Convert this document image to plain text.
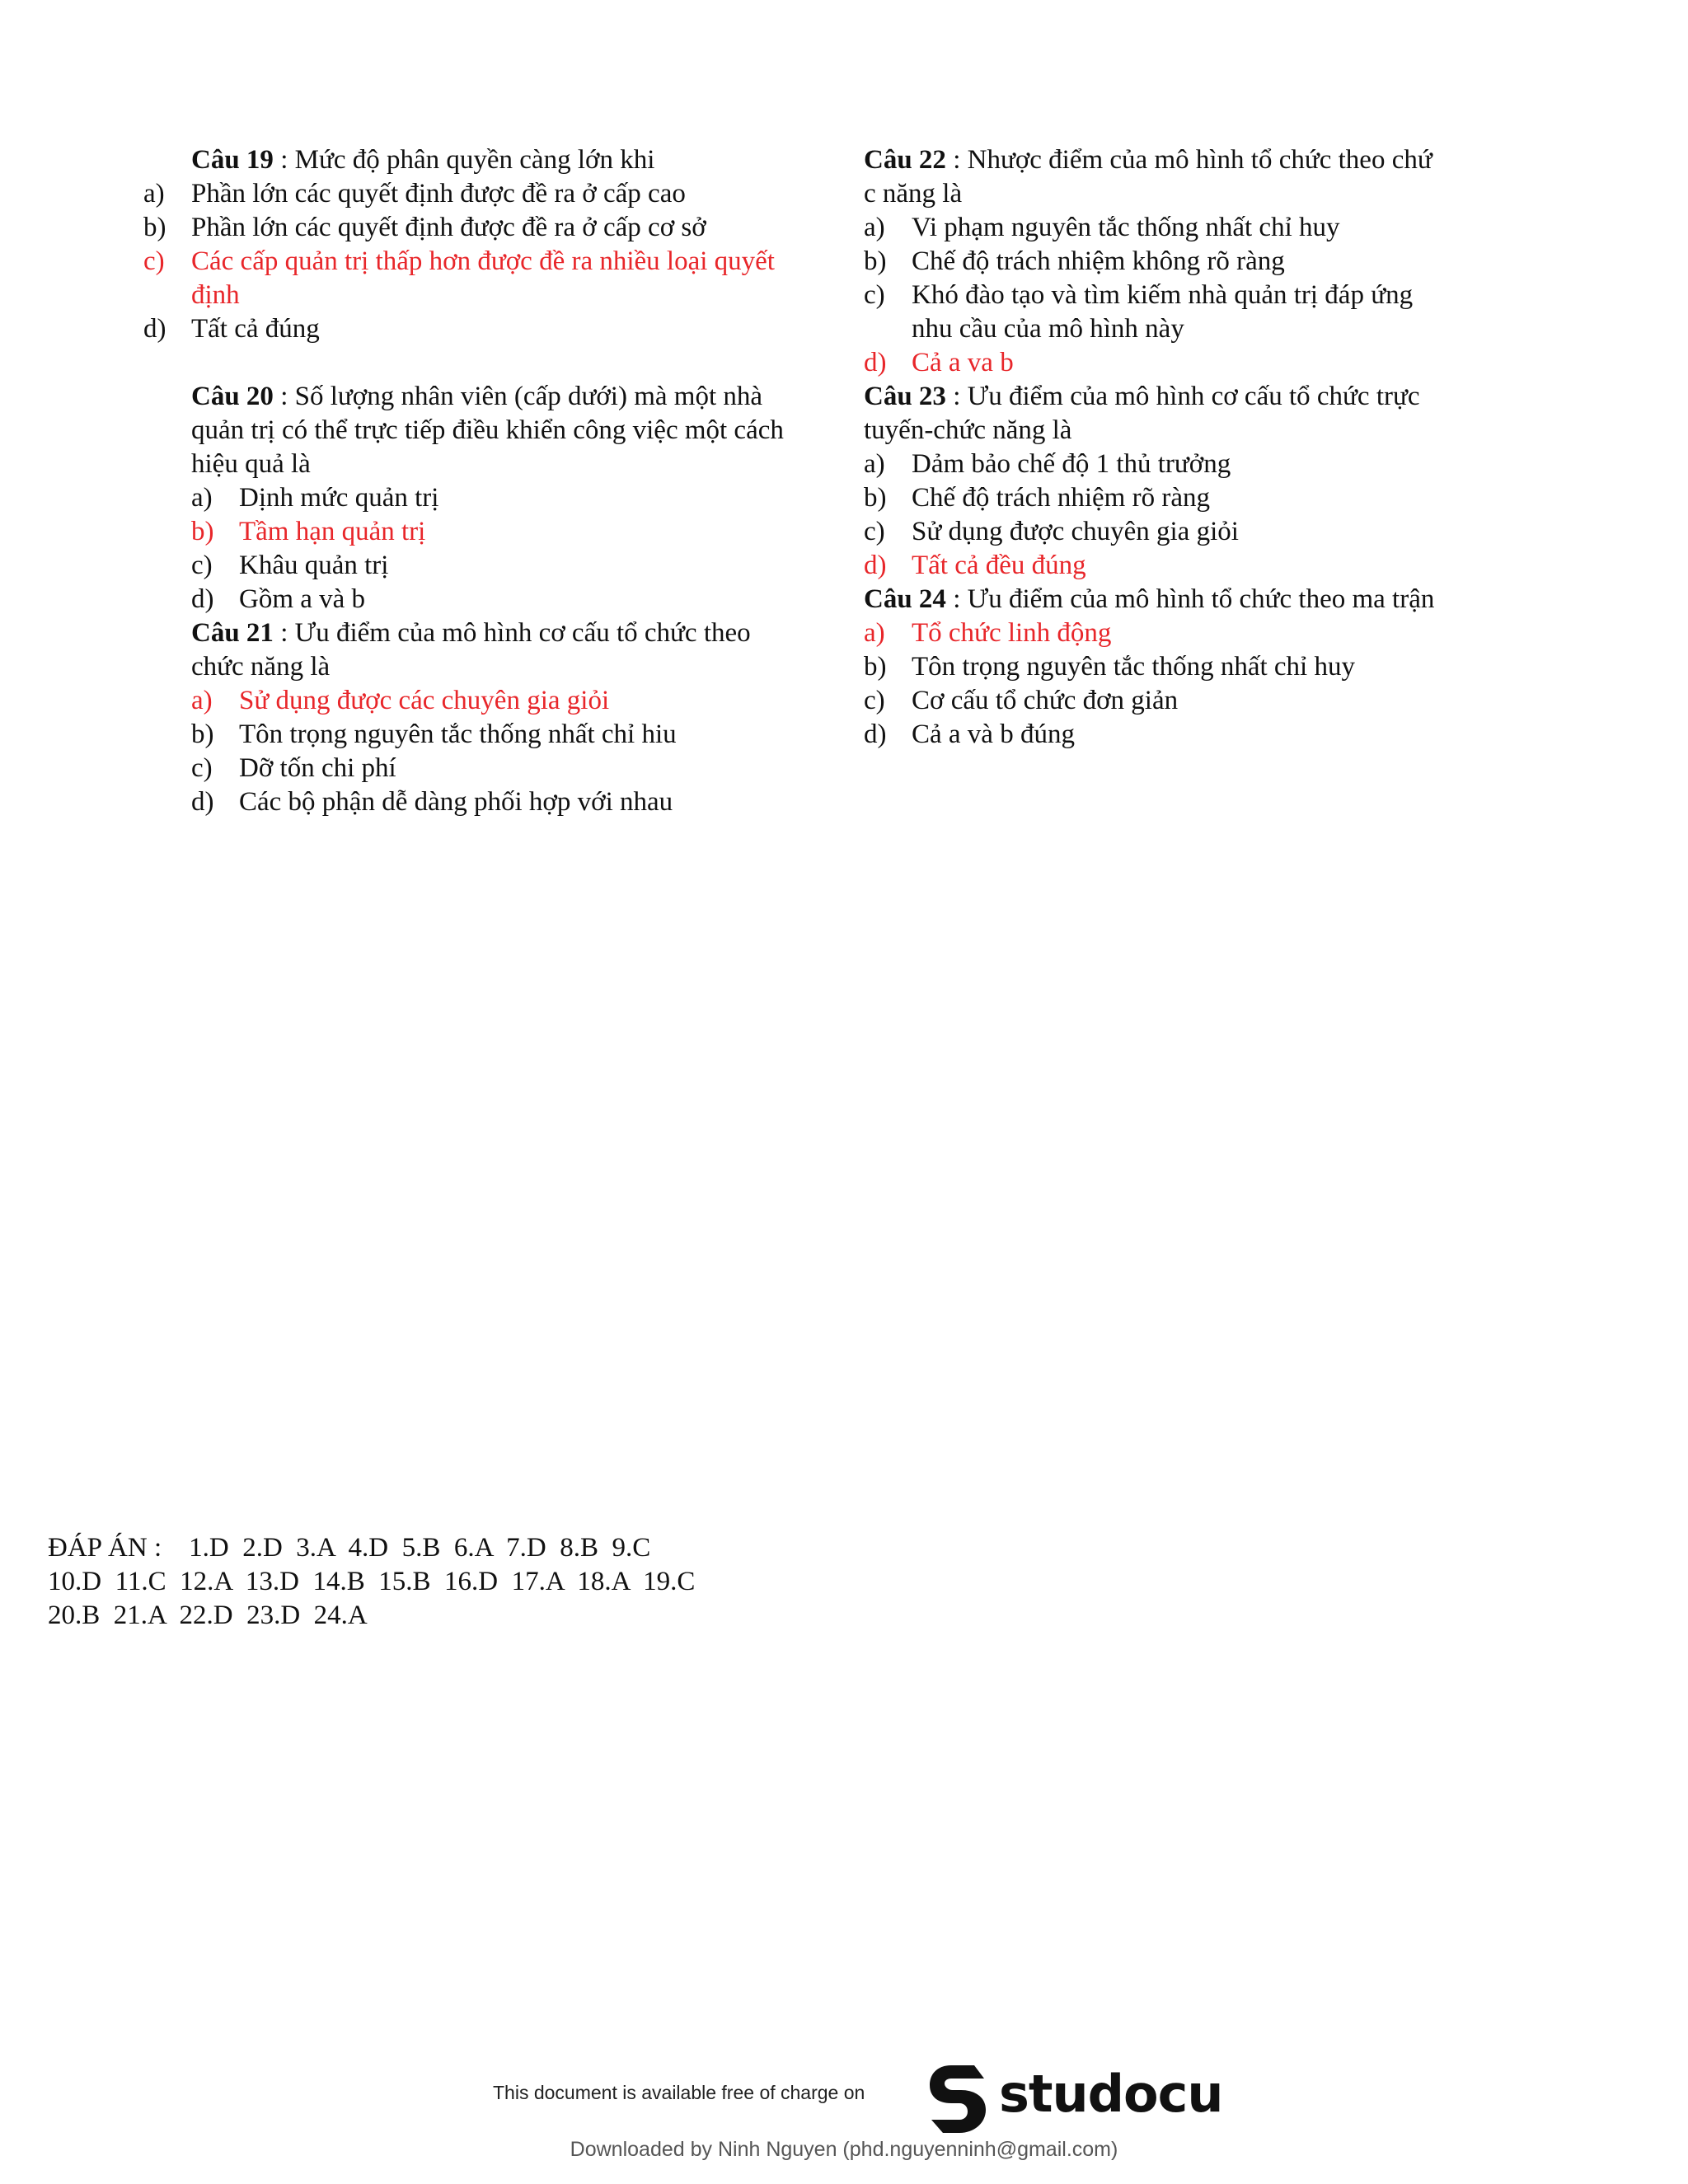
Câu 19 : Mức độ phân quyền càng lớn khi

a) Phần lớn các quyết định được đề ra ở cấp cao
b) Phần lớn các quyết định được đề ra ở cấp cơ sở
c) Các cấp quản trị thấp hơn được đề ra nhiều loại quyết định
d) Tất cả đúng

Câu 20 : Số lượng nhân viên (cấp dưới) mà một nhà quản trị có thể trực tiếp điều khiển công việc một cách hiệu quả là

a) Dịnh mức quản trị
b) Tầm hạn quản trị
c) Khâu quản trị
d) Gồm a và b

Câu 21 : Ưu điểm của mô hình cơ cấu tổ chức theo chức năng là

a) Sử dụng được các chuyên gia giỏi
b) Tôn trọng nguyên tắc thống nhất chỉ hiu
c) Dỡ tốn chi phí
d) Các bộ phận dễ dàng phối hợp với nhau

Câu 22 : Nhược điểm của mô hình tổ chức theo chứ c năng là

a) Vi phạm nguyên tắc thống nhất chỉ huy
b) Chế độ trách nhiệm không rõ ràng
c) Khó đào tạo và tìm kiếm nhà quản trị đáp ứng nhu cầu của mô hình này
d) Cả a va b

Câu 23 : Ưu điểm của mô hình cơ cấu tổ chức trực tuyến-chức năng là

a) Dảm bảo chế độ 1 thủ trưởng
b) Chế độ trách nhiệm rõ ràng
c) Sử dụng được chuyên gia giỏi
d) Tất cả đều đúng

Câu 24 : Ưu điểm của mô hình tổ chức theo ma trận

a) Tổ chức linh động
b) Tôn trọng nguyên tắc thống nhất chỉ huy
c) Cơ cấu tổ chức đơn giản
d) Cả a và b đúng
ĐÁP ÁN :    1.D  2.D  3.A  4.D  5.B  6.A  7.D  8.B  9.C
10.D  11.C  12.A  13.D  14.B  15.B  16.D  17.A  18.A  19.C
20.B  21.A  22.D  23.D  24.A
This document is available free of charge on	studocu
Downloaded by Ninh Nguyen (phd.nguyenninh@gmail.com)
